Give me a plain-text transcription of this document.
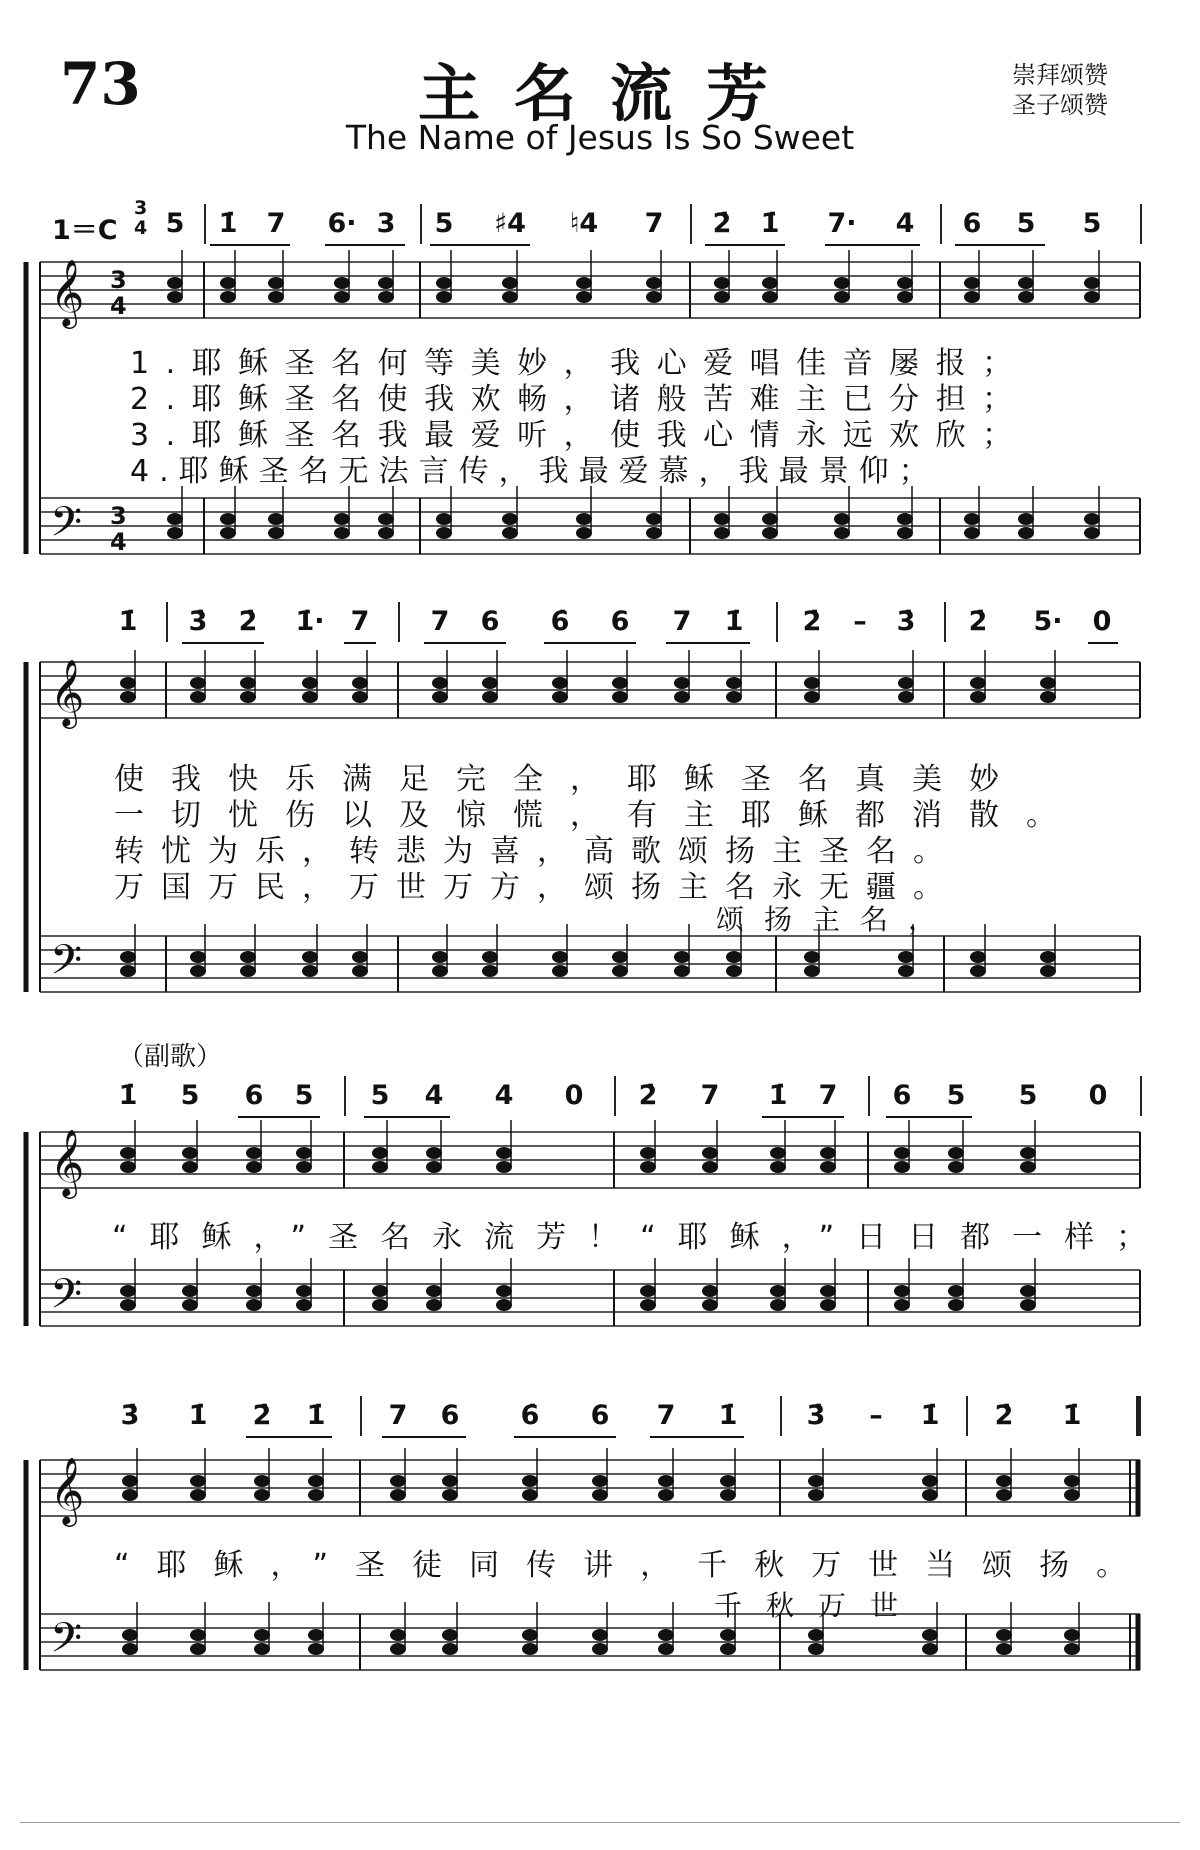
73	主名流芳
The Name of Jesus Is So Sweet
崇拜颂赞
圣子颂赞
1＝C
3
4 5 1̇ 7 6· 3 5 ♯4 ♮4 7 2̇ 1̇ 7· 4 6 5 5
1̇ 3̇ 2̇ 1̇· 7 7 6 6̇ 6 7 1̇ 2̇ – 3̇ 2̇ 5· 0
（副歌）
1̇ 5 6 5 5 4 4 0 2̇ 7 1̇ 7 6 5 5 0
3̇ 1̇ 2̇ 1̇ 7 6 6̇ 6 7 1̇	3̇ – 1̇ 2̇ 1̇
𝄞
𝄢
𝄞
𝄢
𝄞
𝄢
𝄞
𝄢
3
4
3
4
1.耶稣圣名何等美妙，我心爱唱佳音屡报；
2.耶稣圣名使我欢畅，诸般苦难主已分担；
3.耶稣圣名我最爱听，使我心情永远欢欣；
4.耶稣圣名无法言传，我最爱慕，我最景仰；
使我快乐满足完全，耶稣圣名真美妙
一切忧伤以及惊慌，有主耶稣都消散。
转忧为乐，转悲为喜，高歌颂扬主圣名。
万国万民，万世万方，颂扬主名永无疆。
颂扬主名，
“耶稣，”圣名永流芳！“耶稣，”日日都一样；
“耶稣，”圣徒同传讲，千秋万世当颂扬。
千秋万世
